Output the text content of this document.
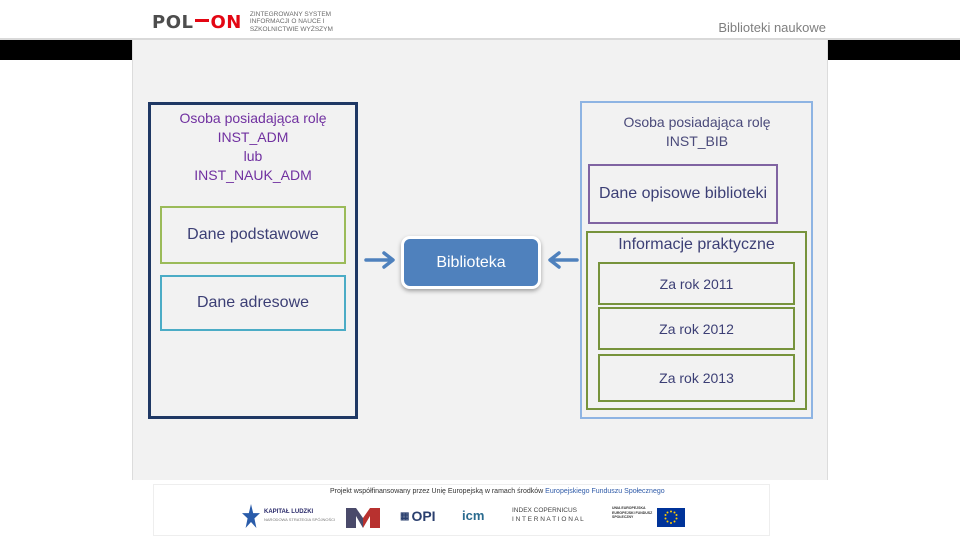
POL ON ZINTEGROWANY SYSTEM INFORMACJI O NAUCE I SZKOLNICTWIE WYŻSZYM	Biblioteki naukowe
Osoba posiadająca rolę
INST_ADM
lub
INST_NAUK_ADM
Dane podstawowe
Dane adresowe
Biblioteka
Osoba posiadająca rolę
INST_BIB
Dane opisowe biblioteki
Informacje praktyczne
Za rok 2011
Za rok 2012
Za rok 2013
Projekt współfinansowany przez Unię Europejską w ramach środków Europejskiego Funduszu Społecznego
KAPITAŁ LUDZKI
NARODOWA STRATEGIA SPÓJNOŚCI	▦ OPI icm	INDEX COPERNICUS
I N T E R N A T I O N A L
UNIA EUROPEJSKA EUROPEJSKI FUNDUSZ SPOŁECZNY
